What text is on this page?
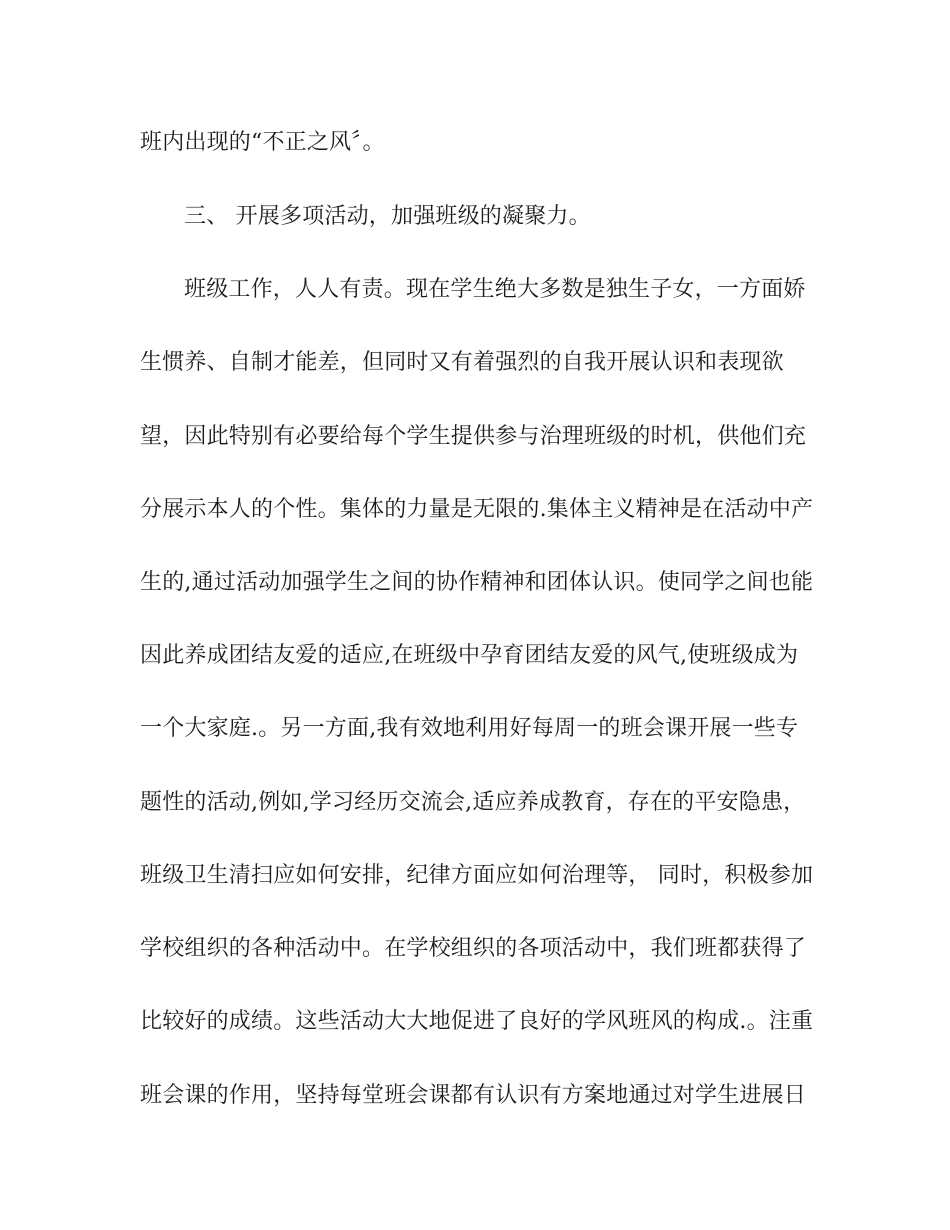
班内出现的“不正之风〞。
三、 开展多项活动，加强班级的凝聚力。
班级工作，人人有责。现在学生绝大多数是独生子女，一方面娇
生惯养、自制才能差，但同时又有着强烈的自我开展认识和表现欲
望，因此特别有必要给每个学生提供参与治理班级的时机，供他们充
分展示本人的个性。集体的力量是无限的.集体主义精神是在活动中产
生的,通过活动加强学生之间的协作精神和团体认识。使同学之间也能
因此养成团结友爱的适应,在班级中孕育团结友爱的风气,使班级成为
一个大家庭.。另一方面,我有效地利用好每周一的班会课开展一些专
题性的活动,例如,学习经历交流会,适应养成教育，存在的平安隐患，
班级卫生清扫应如何安排，纪律方面应如何治理等， 同时，积极参加
学校组织的各种活动中。在学校组织的各项活动中，我们班都获得了
比较好的成绩。这些活动大大地促进了良好的学风班风的构成.。注重
班会课的作用，坚持每堂班会课都有认识有方案地通过对学生进展日
